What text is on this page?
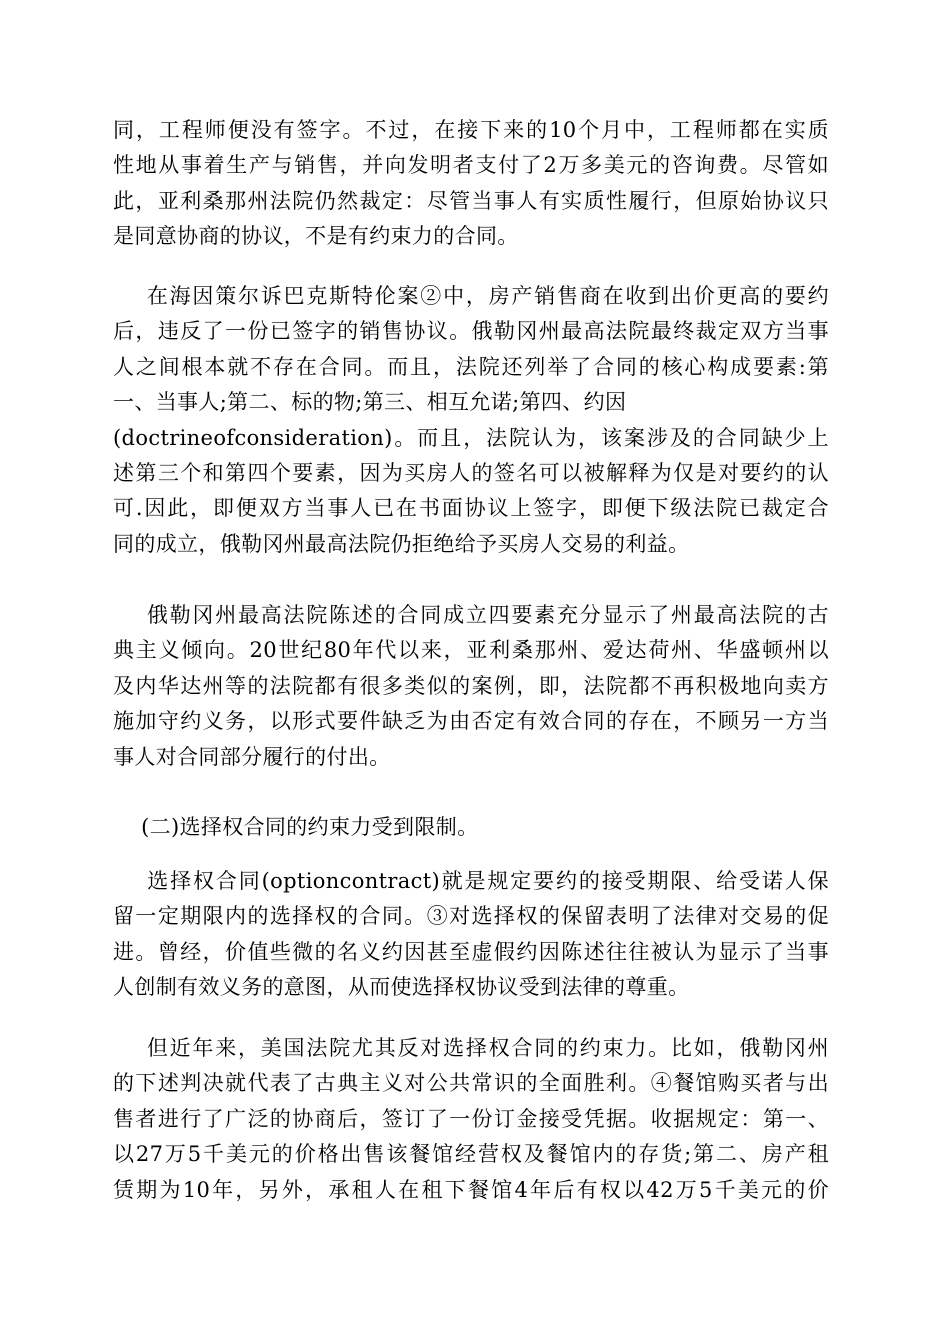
同，工程师便没有签字。不过，在接下来的10个月中，工程师都在实质
性地从事着生产与销售，并向发明者支付了2万多美元的咨询费。尽管如
此，亚利桑那州法院仍然裁定：尽管当事人有实质性履行，但原始协议只
是同意协商的协议，不是有约束力的合同。

在海因策尔诉巴克斯特伦案②中，房产销售商在收到出价更高的要约
后，违反了一份已签字的销售协议。俄勒冈州最高法院最终裁定双方当事
人之间根本就不存在合同。而且，法院还列举了合同的核心构成要素:第
一、当事人;第二、标的物;第三、相互允诺;第四、约因
(doctrineofconsideration)。而且，法院认为，该案涉及的合同缺少上
述第三个和第四个要素，因为买房人的签名可以被解释为仅是对要约的认
可.因此，即便双方当事人已在书面协议上签字，即便下级法院已裁定合
同的成立，俄勒冈州最高法院仍拒绝给予买房人交易的利益。

俄勒冈州最高法院陈述的合同成立四要素充分显示了州最高法院的古
典主义倾向。20世纪80年代以来，亚利桑那州、爱达荷州、华盛顿州以
及内华达州等的法院都有很多类似的案例，即，法院都不再积极地向卖方
施加守约义务，以形式要件缺乏为由否定有效合同的存在，不顾另一方当
事人对合同部分履行的付出。

(二)选择权合同的约束力受到限制。

选择权合同(optioncontract)就是规定要约的接受期限、给受诺人保
留一定期限内的选择权的合同。③对选择权的保留表明了法律对交易的促
进。曾经，价值些微的名义约因甚至虚假约因陈述往往被认为显示了当事
人创制有效义务的意图，从而使选择权协议受到法律的尊重。

但近年来，美国法院尤其反对选择权合同的约束力。比如，俄勒冈州
的下述判决就代表了古典主义对公共常识的全面胜利。④餐馆购买者与出
售者进行了广泛的协商后，签订了一份订金接受凭据。收据规定：第一、
以27万5千美元的价格出售该餐馆经营权及餐馆内的存货;第二、房产租
赁期为10年，另外，承租人在租下餐馆4年后有权以42万5千美元的价
